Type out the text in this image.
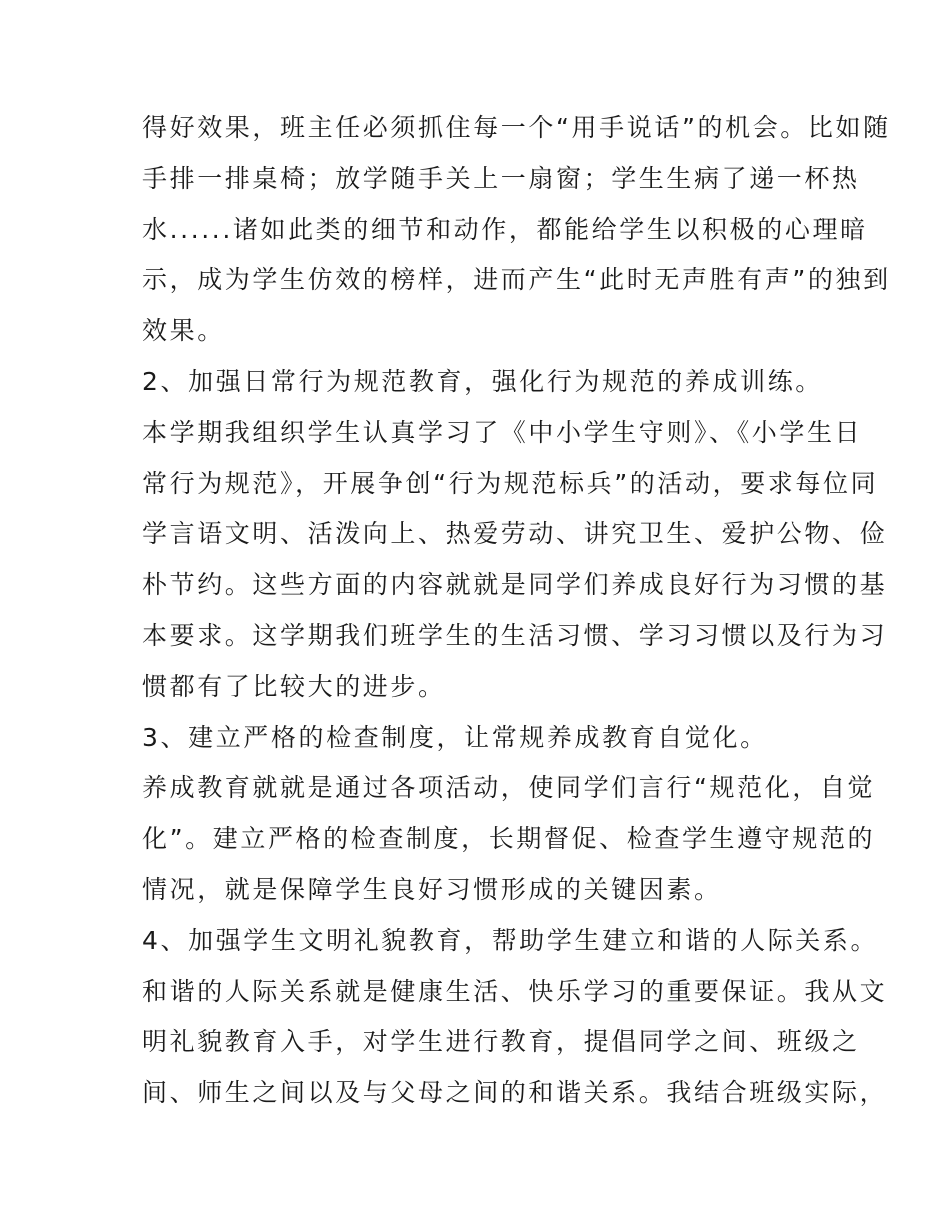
得好效果，班主任必须抓住每一个“用手说话”的机会。比如随
手排一排桌椅；放学随手关上一扇窗；学生生病了递一杯热
水......诸如此类的细节和动作，都能给学生以积极的心理暗
示，成为学生仿效的榜样，进而产生“此时无声胜有声”的独到
效果。
2、加强日常行为规范教育，强化行为规范的养成训练。
本学期我组织学生认真学习了《中小学生守则》、《小学生日
常行为规范》，开展争创“行为规范标兵”的活动，要求每位同
学言语文明、活泼向上、热爱劳动、讲究卫生、爱护公物、俭
朴节约。这些方面的内容就就是同学们养成良好行为习惯的基
本要求。这学期我们班学生的生活习惯、学习习惯以及行为习
惯都有了比较大的进步。
3、建立严格的检查制度，让常规养成教育自觉化。
养成教育就就是通过各项活动，使同学们言行“规范化，自觉
化”。建立严格的检查制度，长期督促、检查学生遵守规范的
情况，就是保障学生良好习惯形成的关键因素。
4、加强学生文明礼貌教育，帮助学生建立和谐的人际关系。
和谐的人际关系就是健康生活、快乐学习的重要保证。我从文
明礼貌教育入手，对学生进行教育，提倡同学之间、班级之
间、师生之间以及与父母之间的和谐关系。我结合班级实际，
